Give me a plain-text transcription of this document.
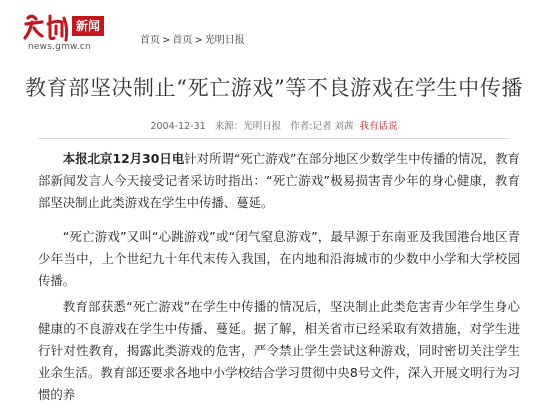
新闻
news.gmw.cn
首页 > 首页 > 光明日报
教育部坚决制止“死亡游戏”等不良游戏在学生中传播
2004-12-31 来源：光明日报 作者:记者 刘茜 我有话说

本报北京12月30日电针对所谓“死亡游戏”在部分地区少数学生中传播的情况，教育部新闻发言人今天接受记者采访时指出：“死亡游戏”极易损害青少年的身心健康，教育部坚决制止此类游戏在学生中传播、蔓延。

“死亡游戏”又叫“心跳游戏”或“闭气窒息游戏”，最早源于东南亚及我国港台地区青少年当中，上个世纪九十年代末传入我国，在内地和沿海城市的少数中小学和大学校园传播。

教育部获悉“死亡游戏”在学生中传播的情况后，坚决制止此类危害青少年学生身心健康的不良游戏在学生中传播、蔓延。据了解，相关省市已经采取有效措施，对学生进行针对性教育，揭露此类游戏的危害，严令禁止学生尝试这种游戏，同时密切关注学生业余生活。教育部还要求各地中小学校结合学习贯彻中央8号文件，深入开展文明行为习惯的养
